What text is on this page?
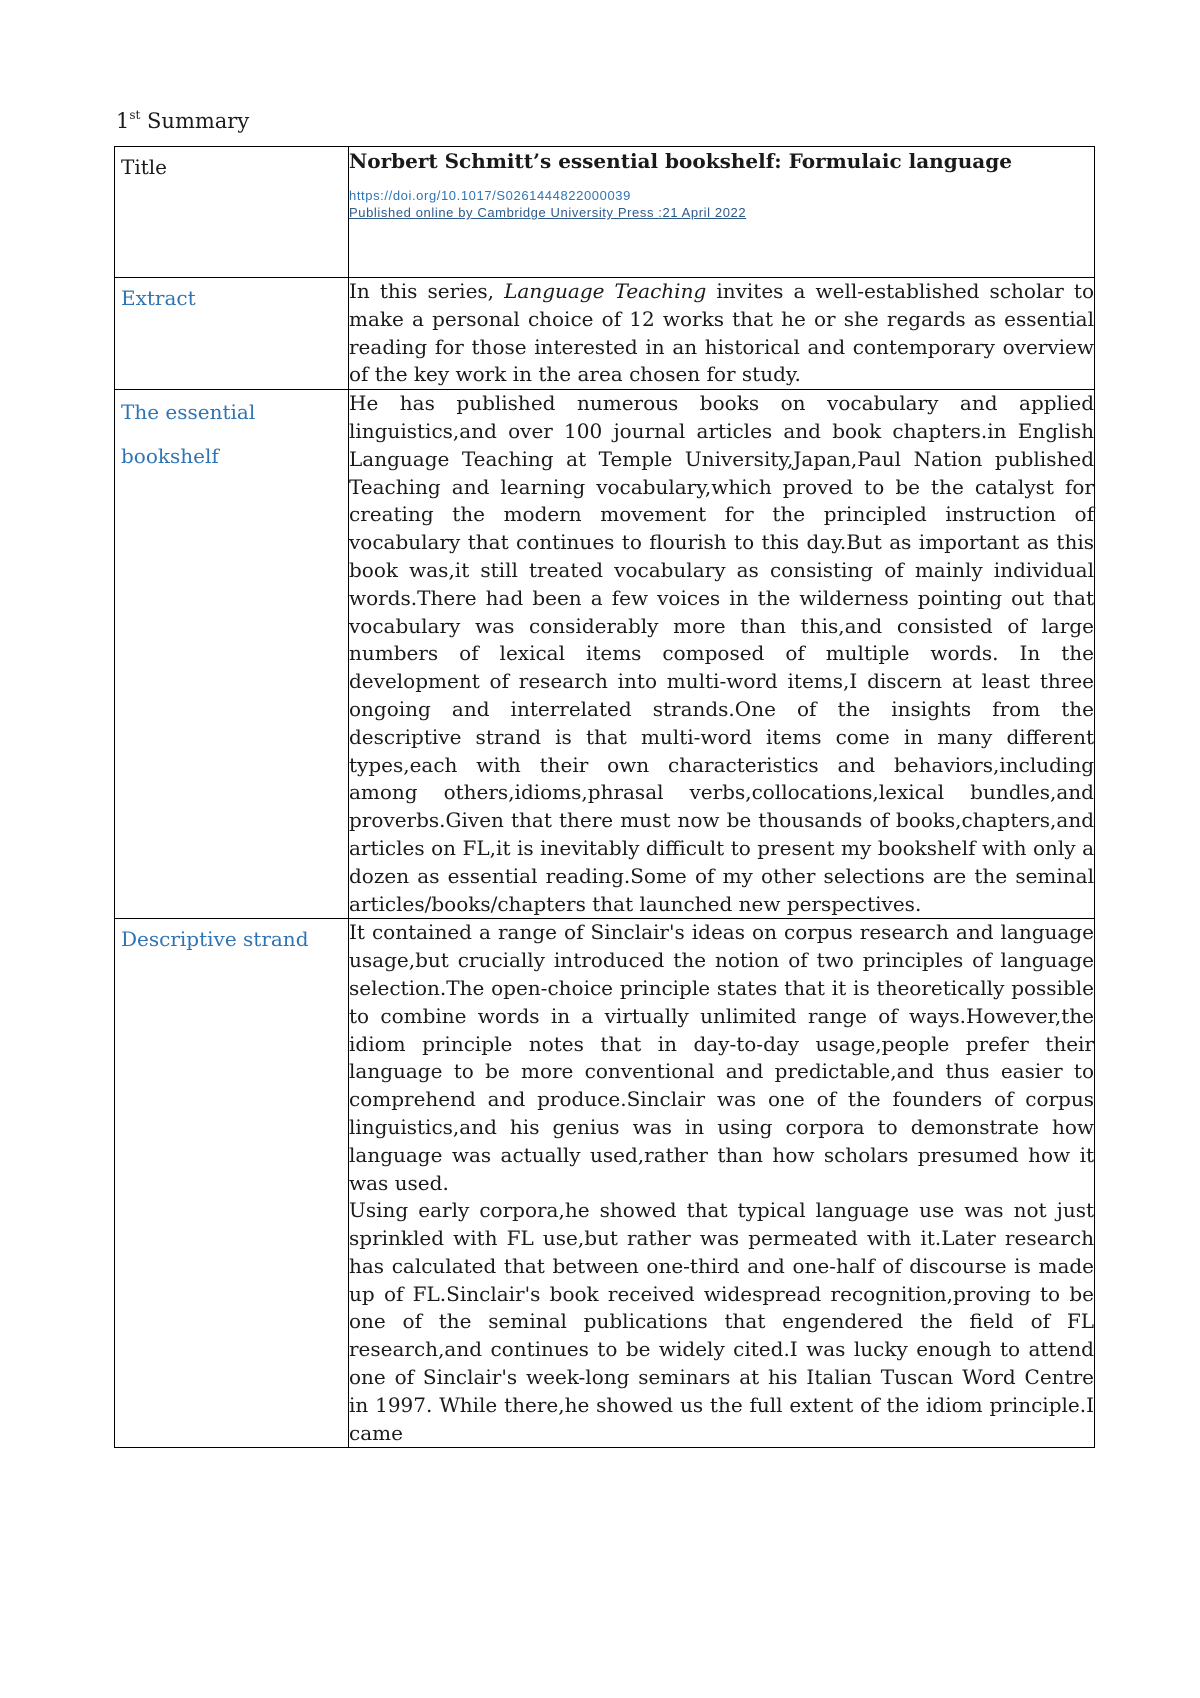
1st Summary
Title	Norbert Schmitt’s essential bookshelf: Formulaic language
https://doi.org/10.1017/S0261444822000039
Published online by Cambridge University Press :21 April 2022

Extract	In this series, Language Teaching invites a well-established scholar to make a personal choice of 12 works that he or she regards as essential reading for those interested in an historical and contemporary overview of the key work in the area chosen for study.

The essential
bookshelf	He has published numerous books on vocabulary and applied linguistics,and over 100 journal articles and book chapters.in English Language Teaching at Temple University,Japan,Paul Nation published Teaching and learning vocabulary,which proved to be the catalyst for creating the modern movement for the principled instruction of vocabulary that continues to flourish to this day.But as important as this book was,it still treated vocabulary as consisting of mainly individual words.There had been a few voices in the wilderness pointing out that vocabulary was considerably more than this,and consisted of large numbers of lexical items composed of multiple words. In the development of research into multi-word items,I discern at least three ongoing and interrelated strands.One of the insights from the descriptive strand is that multi-word items come in many different types,each with their own characteristics and behaviors,including among others,idioms,phrasal verbs,collocations,lexical bundles,and proverbs.Given that there must now be thousands of books,chapters,and articles on FL,it is inevitably difficult to present my bookshelf with only a dozen as essential reading.Some of my other selections are the seminal articles/books/chapters that launched new perspectives.

Descriptive strand	It contained a range of Sinclair's ideas on corpus research and language usage,but crucially introduced the notion of two principles of language selection.The open-choice principle states that it is theoretically possible to combine words in a virtually unlimited range of ways.However,the idiom principle notes that in day-to-day usage,people prefer their language to be more conventional and predictable,and thus easier to comprehend and produce.Sinclair was one of the founders of corpus linguistics,and his genius was in using corpora to demonstrate how language was actually used,rather than how scholars presumed how it was used.

Using early corpora,he showed that typical language use was not just sprinkled with FL use,but rather was permeated with it.Later research has calculated that between one-third and one-half of discourse is made up of FL.Sinclair's book received widespread recognition,proving to be one of the seminal publications that engendered the field of FL research,and continues to be widely cited.I was lucky enough to attend one of Sinclair's week-long seminars at his Italian Tuscan Word Centre in 1997. While there,he showed us the full extent of the idiom principle.I came
